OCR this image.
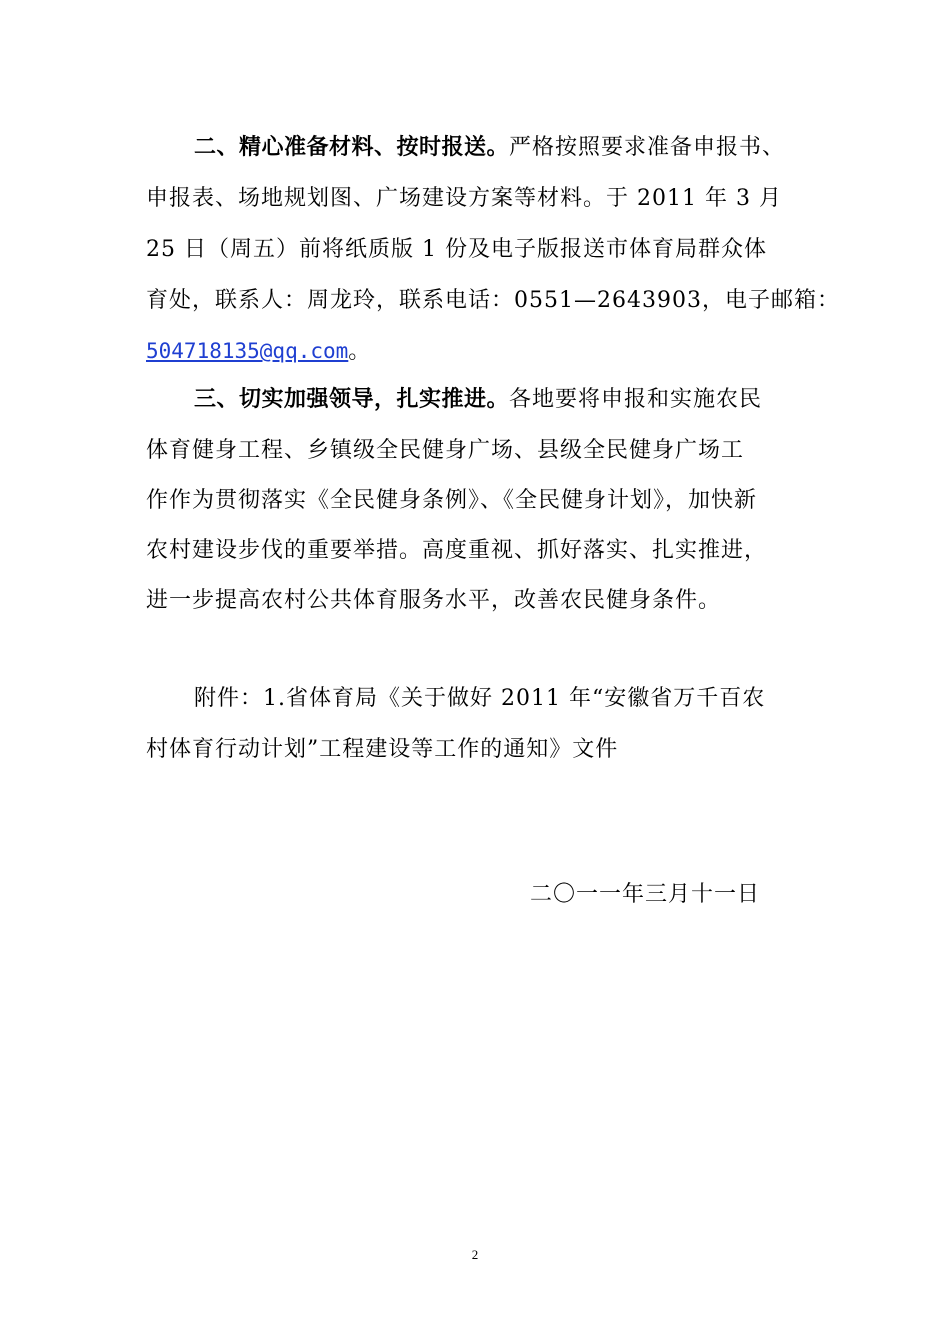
二、精心准备材料、按时报送。严格按照要求准备申报书、
申报表、场地规划图、广场建设方案等材料。于 2011 年 3 月
25 日（周五）前将纸质版 1 份及电子版报送市体育局群众体
育处，联系人：周龙玲，联系电话：0551—2643903，电子邮箱：
504718135@qq.com。
三、切实加强领导，扎实推进。各地要将申报和实施农民
体育健身工程、乡镇级全民健身广场、县级全民健身广场工
作作为贯彻落实《全民健身条例》、《全民健身计划》，加快新
农村建设步伐的重要举措。高度重视、抓好落实、扎实推进，
进一步提高农村公共体育服务水平，改善农民健身条件。
附件：1.省体育局《关于做好 2011 年“安徽省万千百农
村体育行动计划”工程建设等工作的通知》文件
二〇一一年三月十一日
2
